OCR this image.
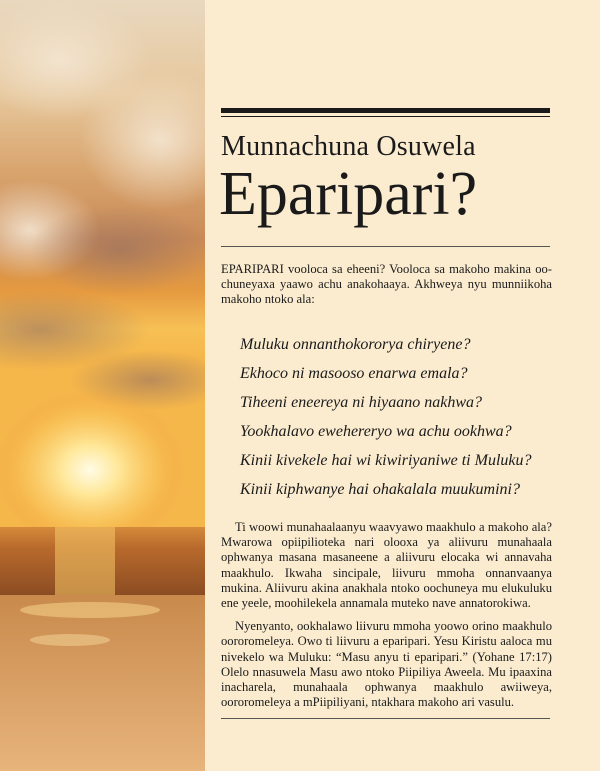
Munnachuna Osuwela
Eparipari?
EPARIPARI vooloca sa eheeni? Vooloca sa makoho makina oochuneyaxa yaawo achu anakohaaya. Akhweya nyu munniikoha makoho ntoko ala:
Muluku onnanthokororya chiryene?
Ekhoco ni masooso enarwa emala?
Tiheeni eneereya ni hiyaano nakhwa?
Yookhalavo ewehereryo wa achu ookhwa?
Kinii kivekele hai wi kiwiriyaniwe ti Muluku?
Kinii kiphwanye hai ohakalala muukumini?

Ti woowi munahaalaanyu waavyawo maakhulo a makoho ala? Mwarowa opiipilioteka nari olooxa ya aliivuru munahaala ophwanya masana masaneene a aliivuru elocaka wi annavaha maakhulo. Ikwaha sincipale, liivuru mmoha onnanvaanya mukina. Aliivuru akina anakhala ntoko oochuneya mu elukuluku ene yeele, moohilekela annamala muteko nave annatorokiwa.

Nyenyanto, ookhalawo liivuru mmoha yoowo orino maakhulo oororomeleya. Owo ti liivuru a eparipari. Yesu Kiristu aaloca mu nivekelo wa Muluku: “Masu anyu ti eparipari.” (Yohane 17:17) Olelo nnasuwela Masu awo ntoko Piipiliya Aweela. Mu ipaaxina inacharela, munahaala ophwanya maakhulo awiiweya, oororomeleya a mPiipiliyani, ntakhara makoho ari vasulu.
